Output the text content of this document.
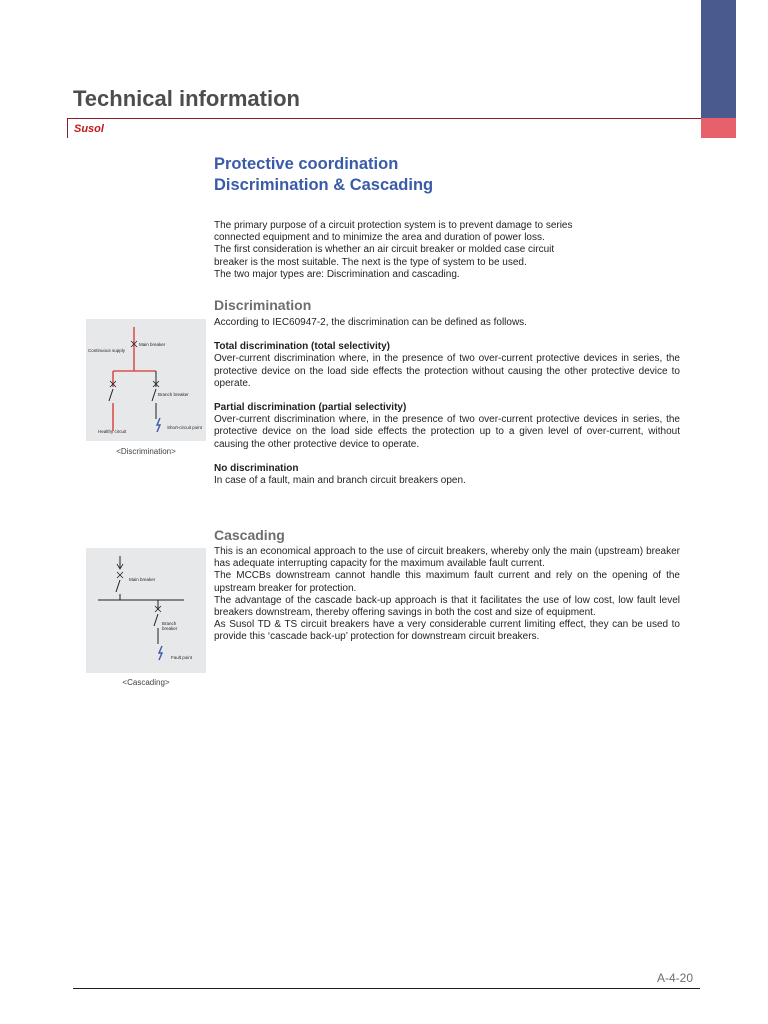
Technical information
Susol
Protective coordination
Discrimination & Cascading

The primary purpose of a circuit protection system is to prevent damage to series

connected equipment and to minimize the area and duration of power loss.

The first consideration is whether an air circuit breaker or molded case circuit

breaker is the most suitable. The next is the type of system to be used.

The two major types are: Discrimination and cascading.

Discrimination

According to IEC60947-2, the discrimination can be defined as follows.

Total discrimination (total selectivity)

Over-current discrimination where, in the presence of two over-current protective devices in series, the protective device on the load side effects the protection without causing the other protective device to operate.

Partial discrimination (partial selectivity)

Over-current discrimination where, in the presence of two over-current protective devices in series, the protective device on the load side effects the protection up to a given level of over-current, without causing the other protective device to operate.

No discrimination

In case of a fault, main and branch circuit breakers open.

Main breaker
Continuous supply
Branch breaker
Healthy circuit
Short-circuit point
<Discrimination>
Cascading

This is an economical approach to the use of circuit breakers, whereby only the main (upstream) breaker has adequate interrupting capacity for the maximum available fault current.

The MCCBs downstream cannot handle this maximum fault current and rely on the opening of the upstream breaker for protection.

The advantage of the cascade back-up approach is that it facilitates the use of low cost, low fault level breakers downstream, thereby offering savings in both the cost and size of equipment.

As Susol TD & TS circuit breakers have a very considerable current limiting effect, they can be used to provide this ‘cascade back-up’ protection for downstream circuit breakers.

Main breaker
Branch
breaker
Fault point
<Cascading>
A-4-20
